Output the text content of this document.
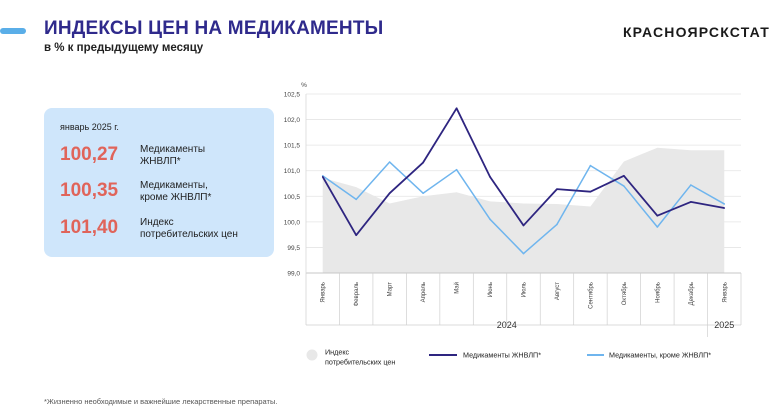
ИНДЕКСЫ ЦЕН НА МЕДИКАМЕНТЫ
в % к предыдущему месяцу
КРАСНОЯРСКСТАТ
январь 2025 г.
100,27 Медикаменты
ЖНВЛП*
100,35 Медикаменты,
кроме ЖНВЛП*
101,40 Индекс
потребительских цен
99,0
99,5
100,0
100,5
101,0
101,5
102,0
102,5
%
Январь	Февраль	Март	Апрель	Май	Июнь	Июль	Август	Сентябрь	Октябрь	Ноябрь	Декабрь	Январь
2024	2025
Индекс
потребительских цен
Медикаменты ЖНВЛП*	Медикаменты, кроме ЖНВЛП*
*Жизненно необходимые и важнейшие лекарственные препараты.
